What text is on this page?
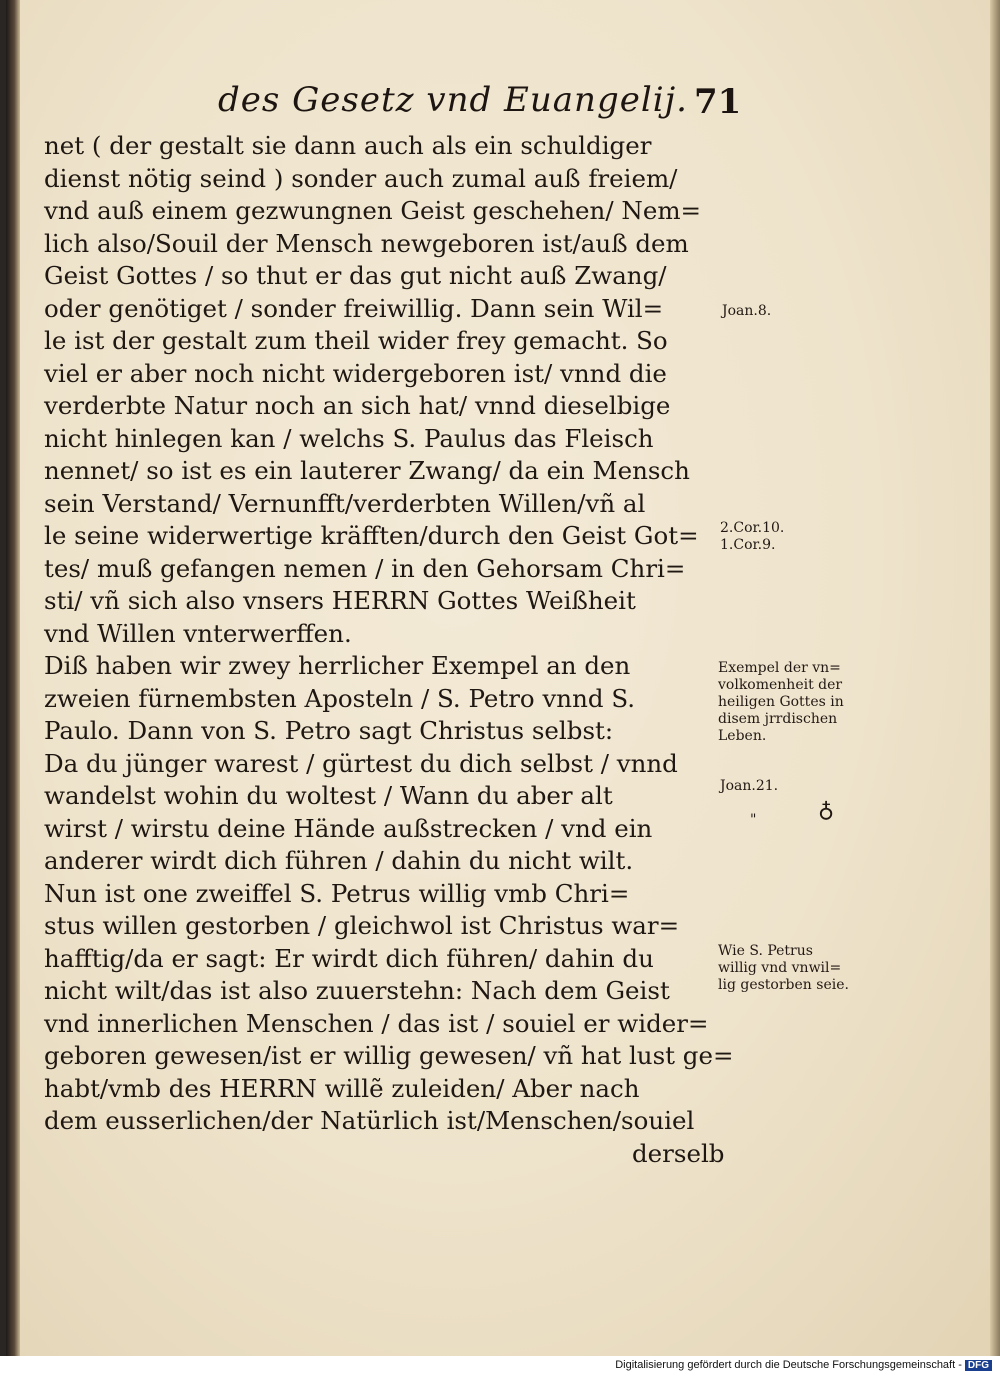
des Gesetz vnd Euangelij. 71
net ( der gestalt sie dann auch als ein schuldiger
dienst nötig seind ) sonder auch zumal auß freiem/
vnd auß einem gezwungnen Geist geschehen/ Nem=
lich also/Souil der Mensch newgeboren ist/auß dem
Geist Gottes / so thut er das gut nicht auß Zwang/
oder genötiget / sonder freiwillig. Dann sein Wil=
le ist der gestalt zum theil wider frey gemacht. So
viel er aber noch nicht widergeboren ist/ vnnd die
verderbte Natur noch an sich hat/ vnnd dieselbige
nicht hinlegen kan / welchs S. Paulus das Fleisch
nennet/ so ist es ein lauterer Zwang/ da ein Mensch
sein Verstand/ Vernunfft/verderbten Willen/vñ al
le seine widerwertige kräfften/durch den Geist Got=
tes/ muß gefangen nemen / in den Gehorsam Chri=
sti/ vñ sich also vnsers HERRN Gottes Weißheit
vnd Willen vnterwerffen.
Diß haben wir zwey herrlicher Exempel an den
zweien fürnembsten Aposteln / S. Petro vnnd S.
Paulo. Dann von S. Petro sagt Christus selbst:
Da du jünger warest / gürtest du dich selbst / vnnd
wandelst wohin du woltest / Wann du aber alt
wirst / wirstu deine Hände außstrecken / vnd ein
anderer wirdt dich führen / dahin du nicht wilt.
Nun ist one zweiffel S. Petrus willig vmb Chri=
stus willen gestorben / gleichwol ist Christus war=
hafftig/da er sagt: Er wirdt dich führen/ dahin du
nicht wilt/das ist also zuuerstehn: Nach dem Geist
vnd innerlichen Menschen / das ist / souiel er wider=
geboren gewesen/ist er willig gewesen/ vñ hat lust ge=
habt/vmb des HERRN willẽ zuleiden/ Aber nach
dem eusserlichen/der Natürlich ist/Menschen/souiel
derselb
Joan.8.
2.Cor.10.
1.Cor.9.
Exempel der vn=
volkomenheit der
heiligen Gottes in
disem jrrdischen
Leben.
Joan.21.
"	♁
Wie S. Petrus
willig vnd vnwil=
lig gestorben seie.
Digitalisierung gefördert durch die Deutsche Forschungsgemeinschaft - DFG
